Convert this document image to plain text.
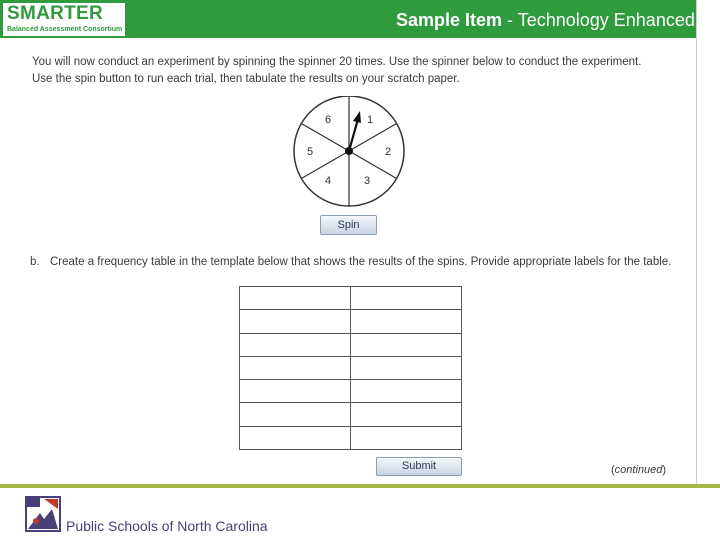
SMARTER
Balanced Assessment Consortium	Sample Item - Technology Enhanced
You will now conduct an experiment by spinning the spinner 20 times. Use the spinner below to conduct the experiment.
Use the spin button to run each trial, then tabulate the results on your scratch paper.
1
2
3
4
5
6
Spin
b. Create a frequency table in the template below that shows the results of the spins. Provide appropriate labels for the table.

Submit	(continued)
Public Schools of North Carolina
